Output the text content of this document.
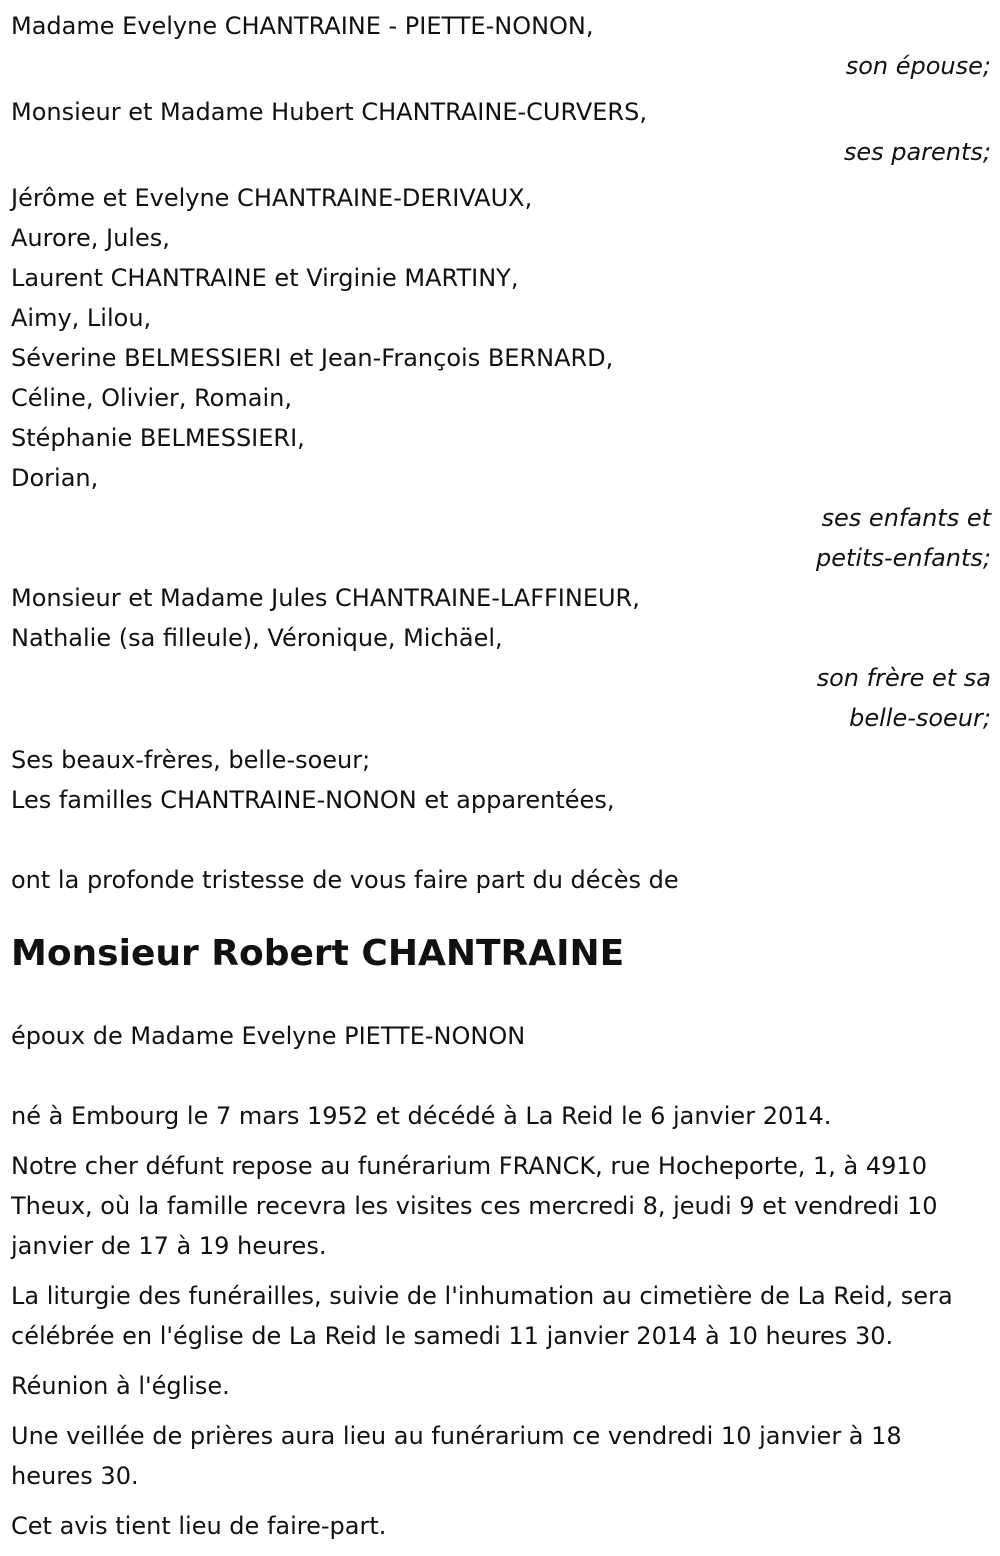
Madame Evelyne CHANTRAINE - PIETTE-NONON,
son épouse;
Monsieur et Madame Hubert CHANTRAINE-CURVERS,
ses parents;
Jérôme et Evelyne CHANTRAINE-DERIVAUX,
Aurore, Jules,
Laurent CHANTRAINE et Virginie MARTINY,
Aimy, Lilou,
Séverine BELMESSIERI et Jean-François BERNARD,
Céline, Olivier, Romain,
Stéphanie BELMESSIERI,
Dorian,
ses enfants et
petits-enfants;
Monsieur et Madame Jules CHANTRAINE-LAFFINEUR,
Nathalie (sa filleule), Véronique, Michäel,
son frère et sa
belle-soeur;
Ses beaux-frères, belle-soeur;
Les familles CHANTRAINE-NONON et apparentées,
ont la profonde tristesse de vous faire part du décès de
Monsieur Robert CHANTRAINE
époux de Madame Evelyne PIETTE-NONON
né à Embourg le 7 mars 1952 et décédé à La Reid le 6 janvier 2014.
Notre cher défunt repose au funérarium FRANCK, rue Hocheporte, 1, à 4910 Theux, où la famille recevra les visites ces mercredi 8, jeudi 9 et vendredi 10 janvier de 17 à 19 heures.
La liturgie des funérailles, suivie de l'inhumation au cimetière de La Reid, sera célébrée en l'église de La Reid le samedi 11 janvier 2014 à 10 heures 30.
Réunion à l'église.
Une veillée de prières aura lieu au funérarium ce vendredi 10 janvier à 18 heures 30.
Cet avis tient lieu de faire-part.
